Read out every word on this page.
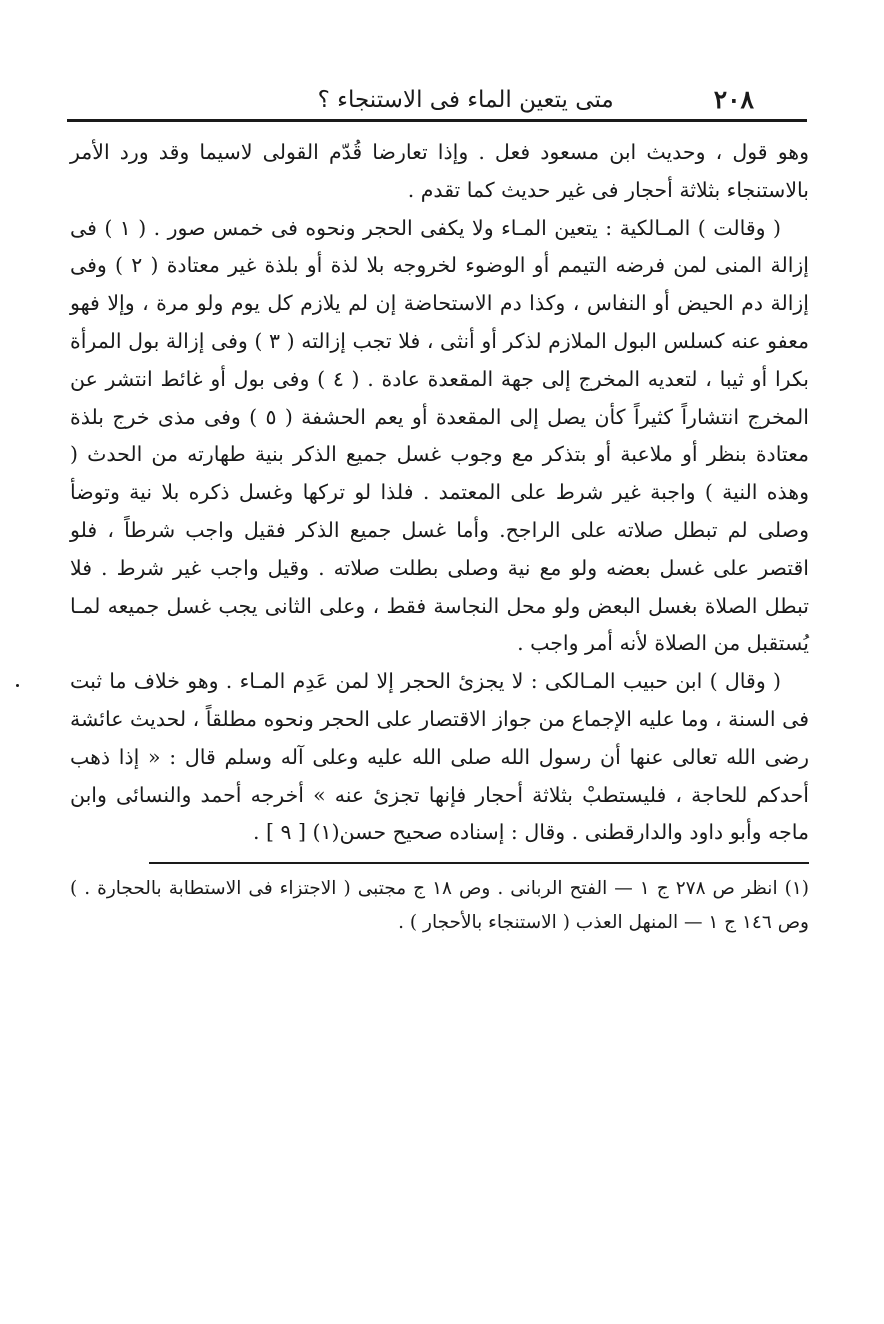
٢٠٨
متى يتعين الماء فى الاستنجاء ؟

وهو قول ، وحديث ابن مسعود فعل . وإذا تعارضا قُدّم القولى لاسيما وقد ورد الأمر بالاستنجاء بثلاثة أحجار فى غير حديث كما تقدم .

( وقالت ) المـالكية : يتعين المـاء ولا يكفى الحجر ونحوه فى خمس صور . ( ١ ) فى إزالة المنى لمن فرضه التيمم أو الوضوء لخروجه بلا لذة أو بلذة غير معتادة ( ٢ ) وفى إزالة دم الحيض أو النفاس ، وكذا دم الاستحاضة إن لم يلازم كل يوم ولو مرة ، وإلا فهو معفو عنه كسلس البول الملازم لذكر أو أنثى ، فلا تجب إزالته ( ٣ ) وفى إزالة بول المرأة بكرا أو ثيبا ، لتعديه المخرج إلى جهة المقعدة عادة . ( ٤ ) وفى بول أو غائط انتشر عن المخرج انتشاراً كثيراً كأن يصل إلى المقعدة أو يعم الحشفة ( ٥ ) وفى مذى خرج بلذة معتادة بنظر أو ملاعبة أو بتذكر مع وجوب غسل جميع الذكر بنية طهارته من الحدث ( وهذه النية ) واجبة غير شرط على المعتمد . فلذا لو تركها وغسل ذكره بلا نية وتوضأ وصلى لم تبطل صلاته على الراجح. وأما غسل جميع الذكر فقيل واجب شرطاً ، فلو اقتصر على غسل بعضه ولو مع نية وصلى بطلت صلاته . وقيل واجب غير شرط . فلا تبطل الصلاة بغسل البعض ولو محل النجاسة فقط ، وعلى الثانى يجب غسل جميعه لمـا يُستقبل من الصلاة لأنه أمر واجب .

( وقال ) ابن حبيب المـالكى : لا يجزئ الحجر إلا لمن عَدِم المـاء . وهو خلاف ما ثبت فى السنة ، وما عليه الإجماع من جواز الاقتصار على الحجر ونحوه مطلقاً ، لحديث عائشة رضى الله تعالى عنها أن رسول الله صلى الله عليه وعلى آله وسلم قال : « إذا ذهب أحدكم للحاجة ، فليستطبْ بثلاثة أحجار فإنها تجزئ عنه » أخرجه أحمد والنسائى وابن ماجه وأبو داود والدارقطنى . وقال : إسناده صحيح حسن(١) [ ٩ ] .

(١) انظر ص ٢٧٨ ج ١ — الفتح الربانى . وص ١٨ ج مجتبى ( الاجتزاء فى الاستطابة بالحجارة . ) وص ١٤٦ ج ١ — المنهل العذب ( الاستنجاء بالأحجار ) .
